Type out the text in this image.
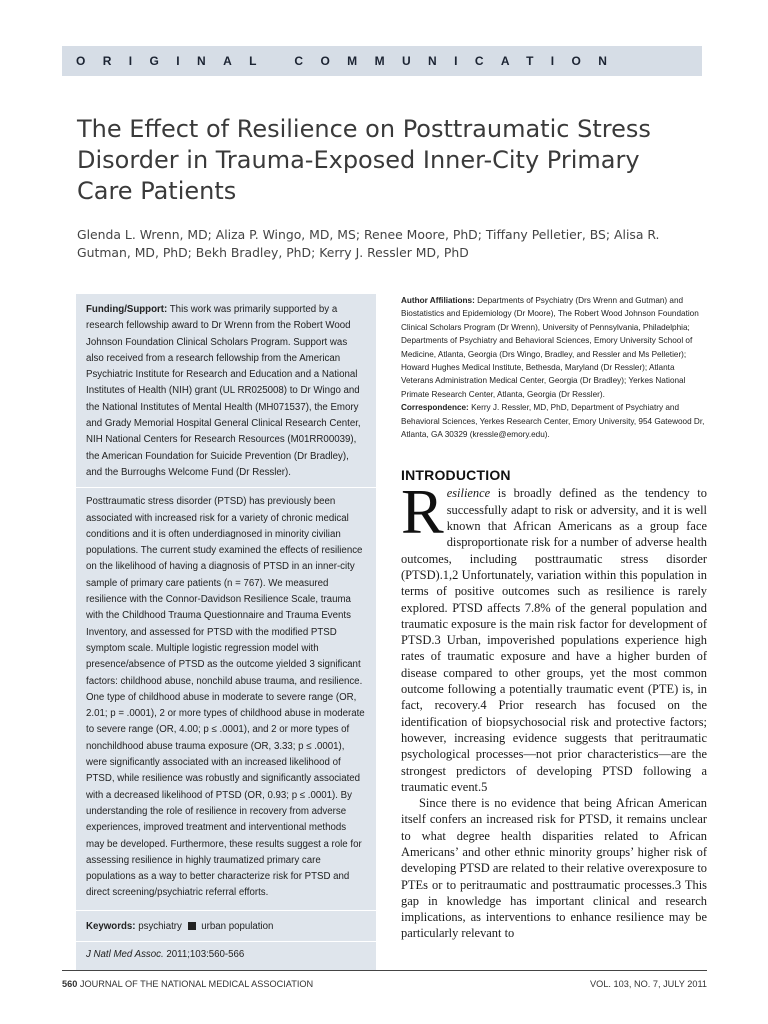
ORIGINAL COMMUNICATION
The Effect of Resilience on Posttraumatic Stress Disorder in Trauma-Exposed Inner-City Primary Care Patients

Glenda L. Wrenn, MD; Aliza P. Wingo, MD, MS; Renee Moore, PhD; Tiffany Pelletier, BS; Alisa R. Gutman, MD, PhD; Bekh Bradley, PhD; Kerry J. Ressler MD, PhD

Funding/Support: This work was primarily supported by a research fellowship award to Dr Wrenn from the Robert Wood Johnson Foundation Clinical Scholars Program. Support was also received from a research fellowship from the American Psychiatric Institute for Research and Education and a National Institutes of Health (NIH) grant (UL RR025008) to Dr Wingo and the National Institutes of Mental Health (MH071537), the Emory and Grady Memorial Hospital General Clinical Research Center, NIH National Centers for Research Resources (M01RR00039), the American Foundation for Suicide Prevention (Dr Bradley), and the Burroughs Welcome Fund (Dr Ressler).

Posttraumatic stress disorder (PTSD) has previously been associated with increased risk for a variety of chronic medical conditions and it is often underdiagnosed in minority civilian populations. The current study examined the effects of resilience on the likelihood of having a diagnosis of PTSD in an inner-city sample of primary care patients (n = 767). We measured resilience with the Connor-Davidson Resilience Scale, trauma with the Childhood Trauma Questionnaire and Trauma Events Inventory, and assessed for PTSD with the modified PTSD symptom scale. Multiple logistic regression model with presence/absence of PTSD as the outcome yielded 3 significant factors: childhood abuse, nonchild abuse trauma, and resilience. One type of childhood abuse in moderate to severe range (OR, 2.01; p = .0001), 2 or more types of childhood abuse in moderate to severe range (OR, 4.00; p ≤ .0001), and 2 or more types of nonchildhood abuse trauma exposure (OR, 3.33; p ≤ .0001), were significantly associated with an increased likelihood of PTSD, while resilience was robustly and significantly associated with a decreased likelihood of PTSD (OR, 0.93; p ≤ .0001). By understanding the role of resilience in recovery from adverse experiences, improved treatment and interventional methods may be developed. Furthermore, these results suggest a role for assessing resilience in highly traumatized primary care populations as a way to better characterize risk for PTSD and direct screening/psychiatric referral efforts.

Keywords: psychiatry urban population

J Natl Med Assoc. 2011;103:560-566

Author Affiliations: Departments of Psychiatry (Drs Wrenn and Gutman) and Biostatistics and Epidemiology (Dr Moore), The Robert Wood Johnson Foundation Clinical Scholars Program (Dr Wrenn), University of Pennsylvania, Philadelphia; Departments of Psychiatry and Behavioral Sciences, Emory University School of Medicine, Atlanta, Georgia (Drs Wingo, Bradley, and Ressler and Ms Pelletier); Howard Hughes Medical Institute, Bethesda, Maryland (Dr Ressler); Atlanta Veterans Administration Medical Center, Georgia (Dr Bradley); Yerkes National Primate Research Center, Atlanta, Georgia (Dr Ressler).

Correspondence: Kerry J. Ressler, MD, PhD, Department of Psychiatry and Behavioral Sciences, Yerkes Research Center, Emory University, 954 Gatewood Dr, Atlanta, GA 30329 (kressle@emory.edu).

INTRODUCTION

Resilience is broadly defined as the tendency to successfully adapt to risk or adversity, and it is well known that African Americans as a group face disproportionate risk for a number of adverse health outcomes, including posttraumatic stress disorder (PTSD).1,2 Unfortunately, variation within this population in terms of positive outcomes such as resilience is rarely explored. PTSD affects 7.8% of the general population and traumatic exposure is the main risk factor for development of PTSD.3 Urban, impoverished populations experience high rates of traumatic exposure and have a higher burden of disease compared to other groups, yet the most common outcome following a potentially traumatic event (PTE) is, in fact, recovery.4 Prior research has focused on the identification of biopsychosocial risk and protective factors; however, increasing evidence suggests that peritraumatic psychological processes—not prior characteristics—are the strongest predictors of developing PTSD following a traumatic event.5

Since there is no evidence that being African American itself confers an increased risk for PTSD, it remains unclear to what degree health disparities related to African Americans’ and other ethnic minority groups’ higher risk of developing PTSD are related to their relative overexposure to PTEs or to peritraumatic and posttraumatic processes.3 This gap in knowledge has important clinical and research implications, as interventions to enhance resilience may be particularly relevant to

560 JOURNAL OF THE NATIONAL MEDICAL ASSOCIATION	VOL. 103, NO. 7, JULY 2011
